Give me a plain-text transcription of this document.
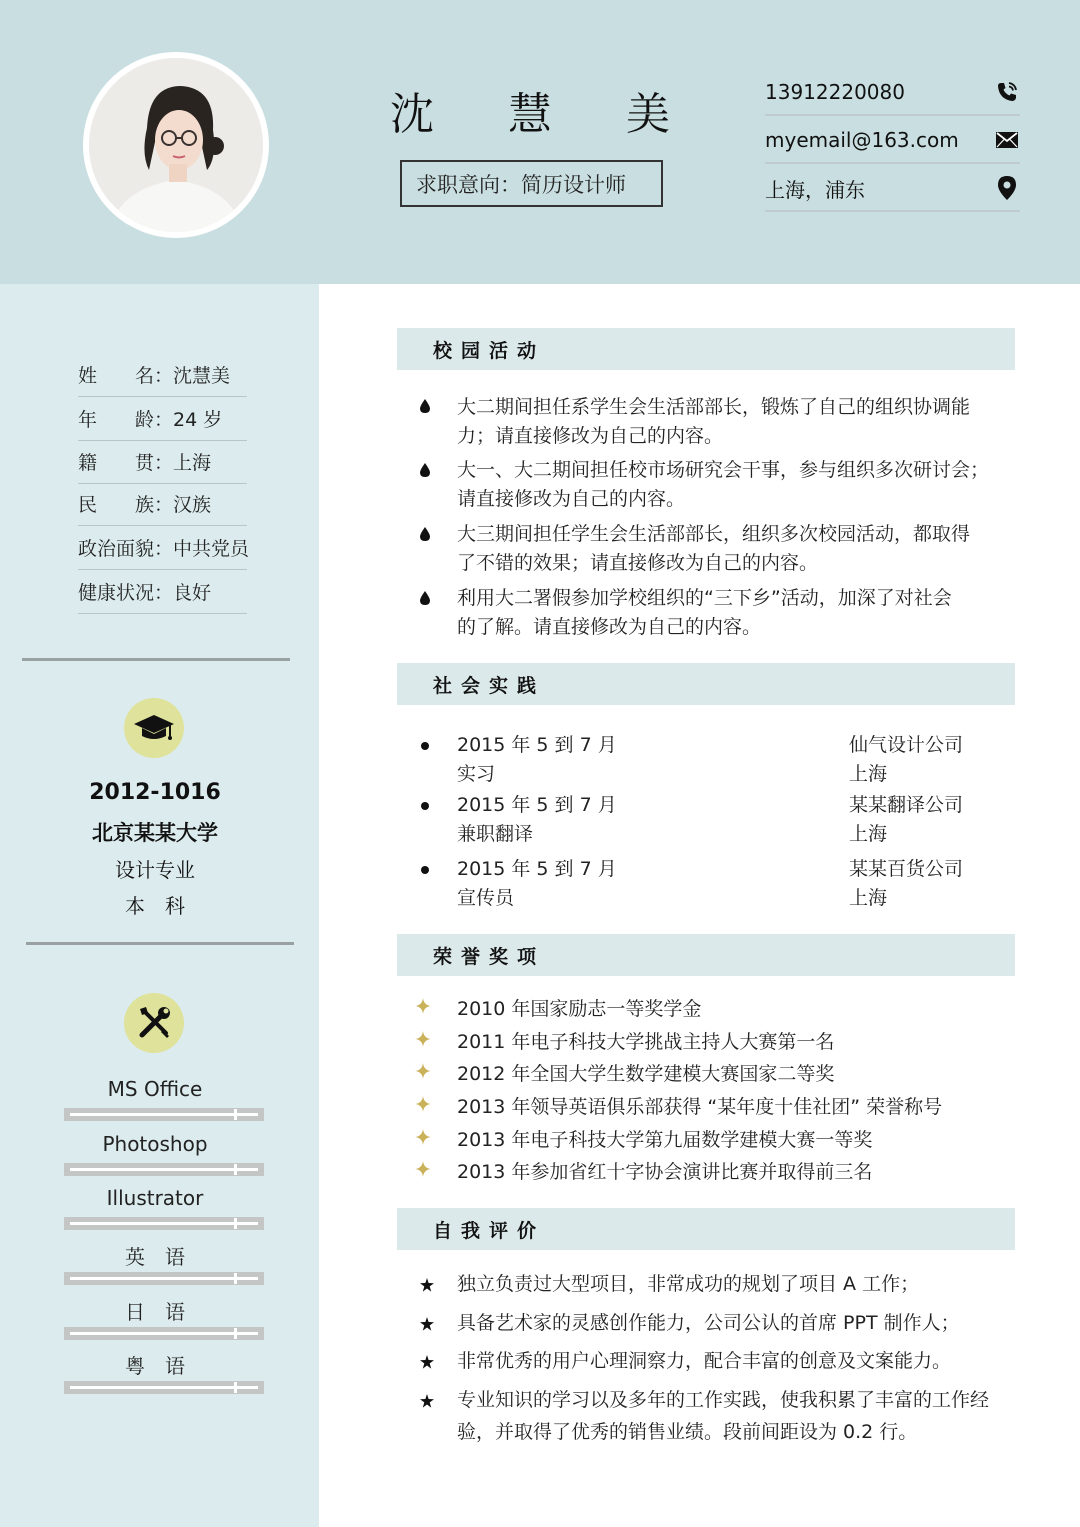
沈 慧 美
求职意向：简历设计师
13912220080
myemail@163.com
上海，浦东
姓　　名： 沈慧美
年　　龄： 24 岁
籍　　贯： 上海
民　　族： 汉族
政治面貌： 中共党员
健康状况： 良好
2012-1016
北京某某大学
设计专业
本　科
MS Office
Photoshop
Illustrator
英　语
日　语
粤　语
校园活动
大二期间担任系学生会生活部部长，锻炼了自己的组织协调能
力；请直接修改为自己的内容。
大一、大二期间担任校市场研究会干事，参与组织多次研讨会；
请直接修改为自己的内容。
大三期间担任学生会生活部部长，组织多次校园活动，都取得
了不错的效果；请直接修改为自己的内容。
利用大二署假参加学校组织的“三下乡”活动，加深了对社会
的了解。请直接修改为自己的内容。
社会实践
2015 年 5 到 7 月
实习
仙气设计公司
上海
2015 年 5 到 7 月
兼职翻译
某某翻译公司
上海
2015 年 5 到 7 月
宣传员
某某百货公司
上海
荣誉奖项
2010 年国家励志一等奖学金
2011 年电子科技大学挑战主持人大赛第一名
2012 年全国大学生数学建模大赛国家二等奖
2013 年领导英语俱乐部获得 “某年度十佳社团” 荣誉称号
2013 年电子科技大学第九届数学建模大赛一等奖
2013 年参加省红十字协会演讲比赛并取得前三名
自我评价
独立负责过大型项目，非常成功的规划了项目 A 工作；
具备艺术家的灵感创作能力，公司公认的首席 PPT 制作人；
非常优秀的用户心理洞察力，配合丰富的创意及文案能力。
专业知识的学习以及多年的工作实践，使我积累了丰富的工作经
验，并取得了优秀的销售业绩。段前间距设为 0.2 行。
